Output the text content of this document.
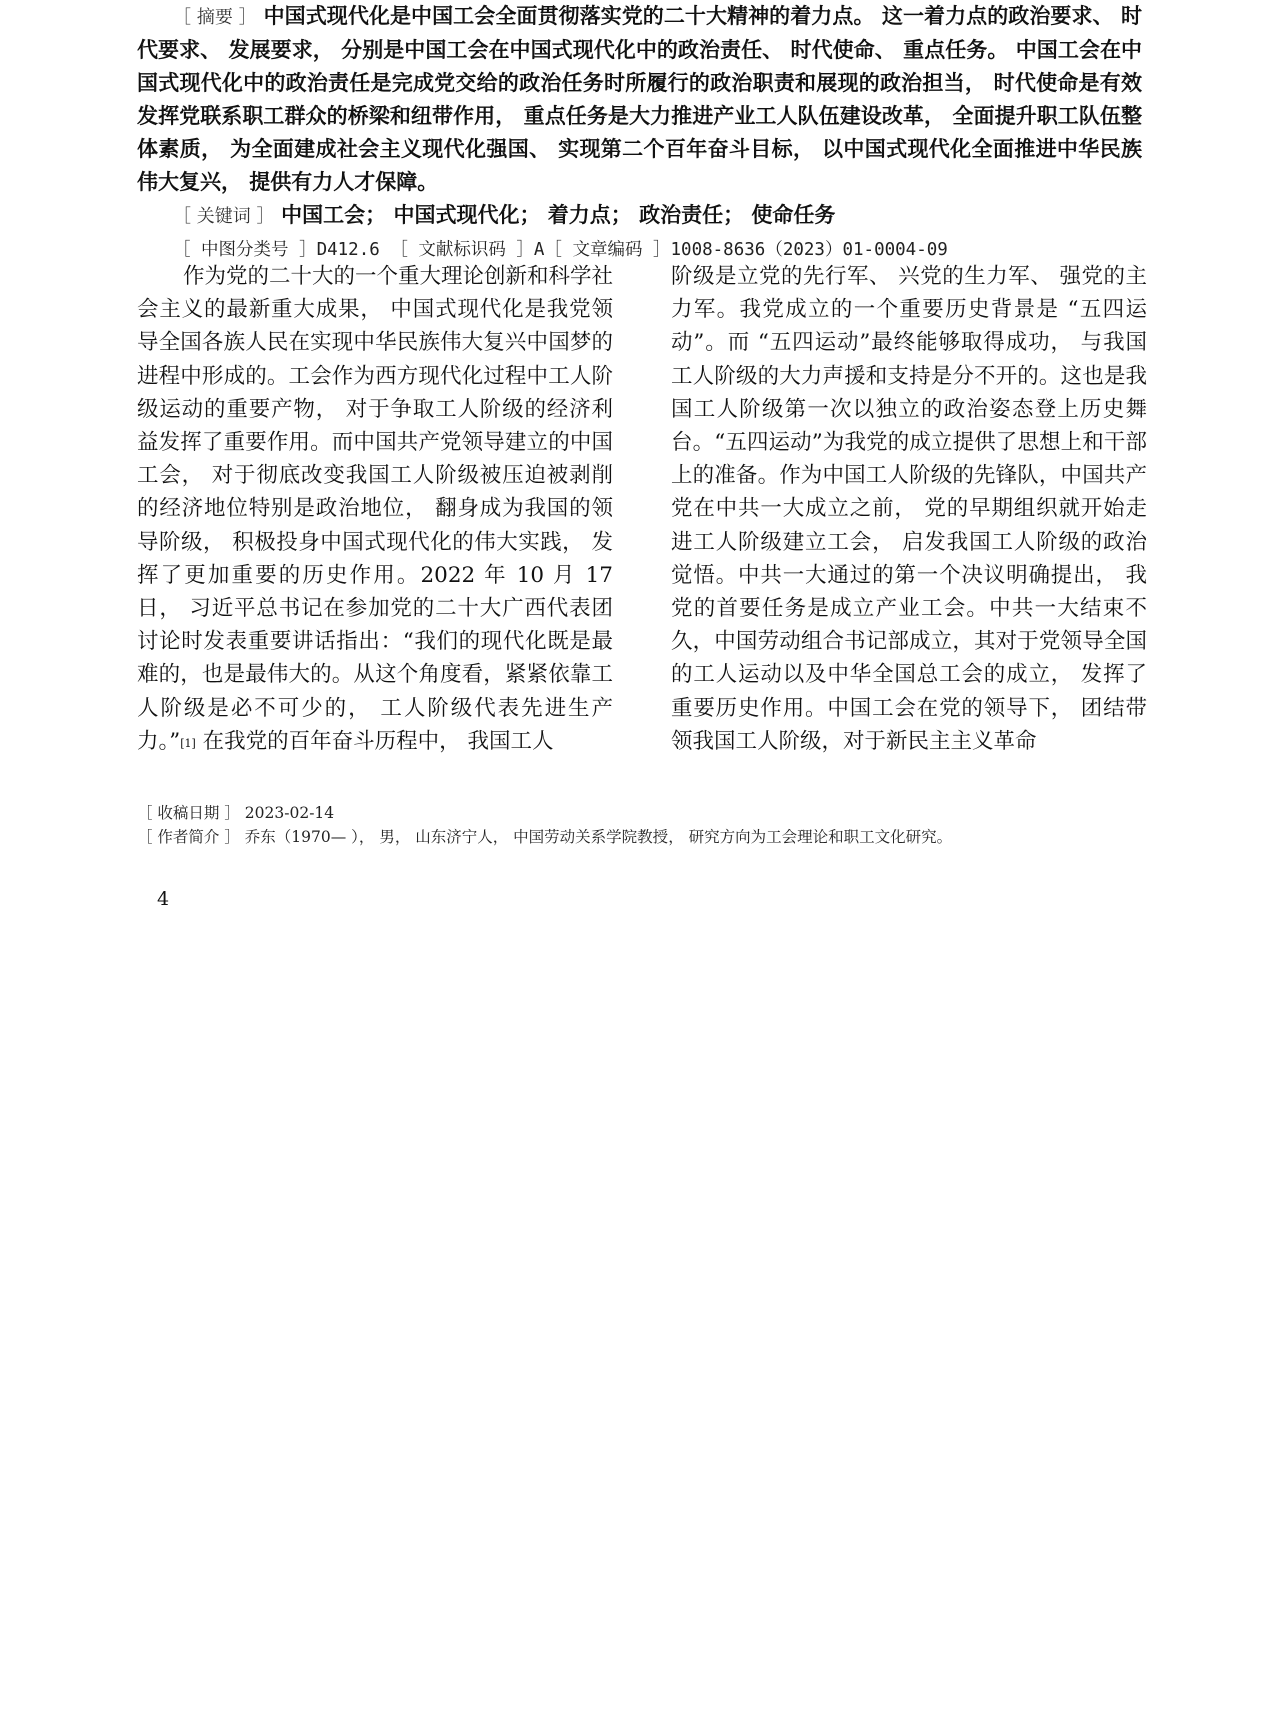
［ 摘要 ］ 中国式现代化是中国工会全面贯彻落实党的二十大精神的着力点。 这一着力点的政治要求、 时代要求、 发展要求， 分别是中国工会在中国式现代化中的政治责任、 时代使命、 重点任务。 中国工会在中国式现代化中的政治责任是完成党交给的政治任务时所履行的政治职责和展现的政治担当， 时代使命是有效发挥党联系职工群众的桥梁和纽带作用， 重点任务是大力推进产业工人队伍建设改革， 全面提升职工队伍整体素质， 为全面建成社会主义现代化强国、 实现第二个百年奋斗目标， 以中国式现代化全面推进中华民族伟大复兴， 提供有力人才保障。

［ 关键词 ］ 中国工会； 中国式现代化； 着力点； 政治责任； 使命任务

［ 中图分类号 ］D412.6 ［ 文献标识码 ］A［ 文章编码 ］1008-8636（2023）01-0004-09

作为党的二十大的一个重大理论创新和科学社会主义的最新重大成果， 中国式现代化是我党领导全国各族人民在实现中华民族伟大复兴中国梦的进程中形成的。工会作为西方现代化过程中工人阶级运动的重要产物， 对于争取工人阶级的经济利益发挥了重要作用。而中国共产党领导建立的中国工会， 对于彻底改变我国工人阶级被压迫被剥削的经济地位特别是政治地位， 翻身成为我国的领导阶级， 积极投身中国式现代化的伟大实践， 发挥了更加重要的历史作用。2022 年 10 月 17 日， 习近平总书记在参加党的二十大广西代表团讨论时发表重要讲话指出：“我们的现代化既是最难的，也是最伟大的。从这个角度看，紧紧依靠工人阶级是必不可少的， 工人阶级代表先进生产力。”[1] 在我党的百年奋斗历程中， 我国工人

阶级是立党的先行军、 兴党的生力军、 强党的主力军。我党成立的一个重要历史背景是 “五四运动”。而 “五四运动”最终能够取得成功， 与我国工人阶级的大力声援和支持是分不开的。这也是我国工人阶级第一次以独立的政治姿态登上历史舞台。“五四运动”为我党的成立提供了思想上和干部上的准备。作为中国工人阶级的先锋队，中国共产党在中共一大成立之前， 党的早期组织就开始走进工人阶级建立工会， 启发我国工人阶级的政治觉悟。中共一大通过的第一个决议明确提出， 我党的首要任务是成立产业工会。中共一大结束不久，中国劳动组合书记部成立，其对于党领导全国的工人运动以及中华全国总工会的成立， 发挥了重要历史作用。中国工会在党的领导下， 团结带领我国工人阶级，对于新民主主义革命

［ 收稿日期 ］ 2023-02-14

［ 作者简介 ］ 乔东（1970— ）， 男， 山东济宁人， 中国劳动关系学院教授， 研究方向为工会理论和职工文化研究。

4
